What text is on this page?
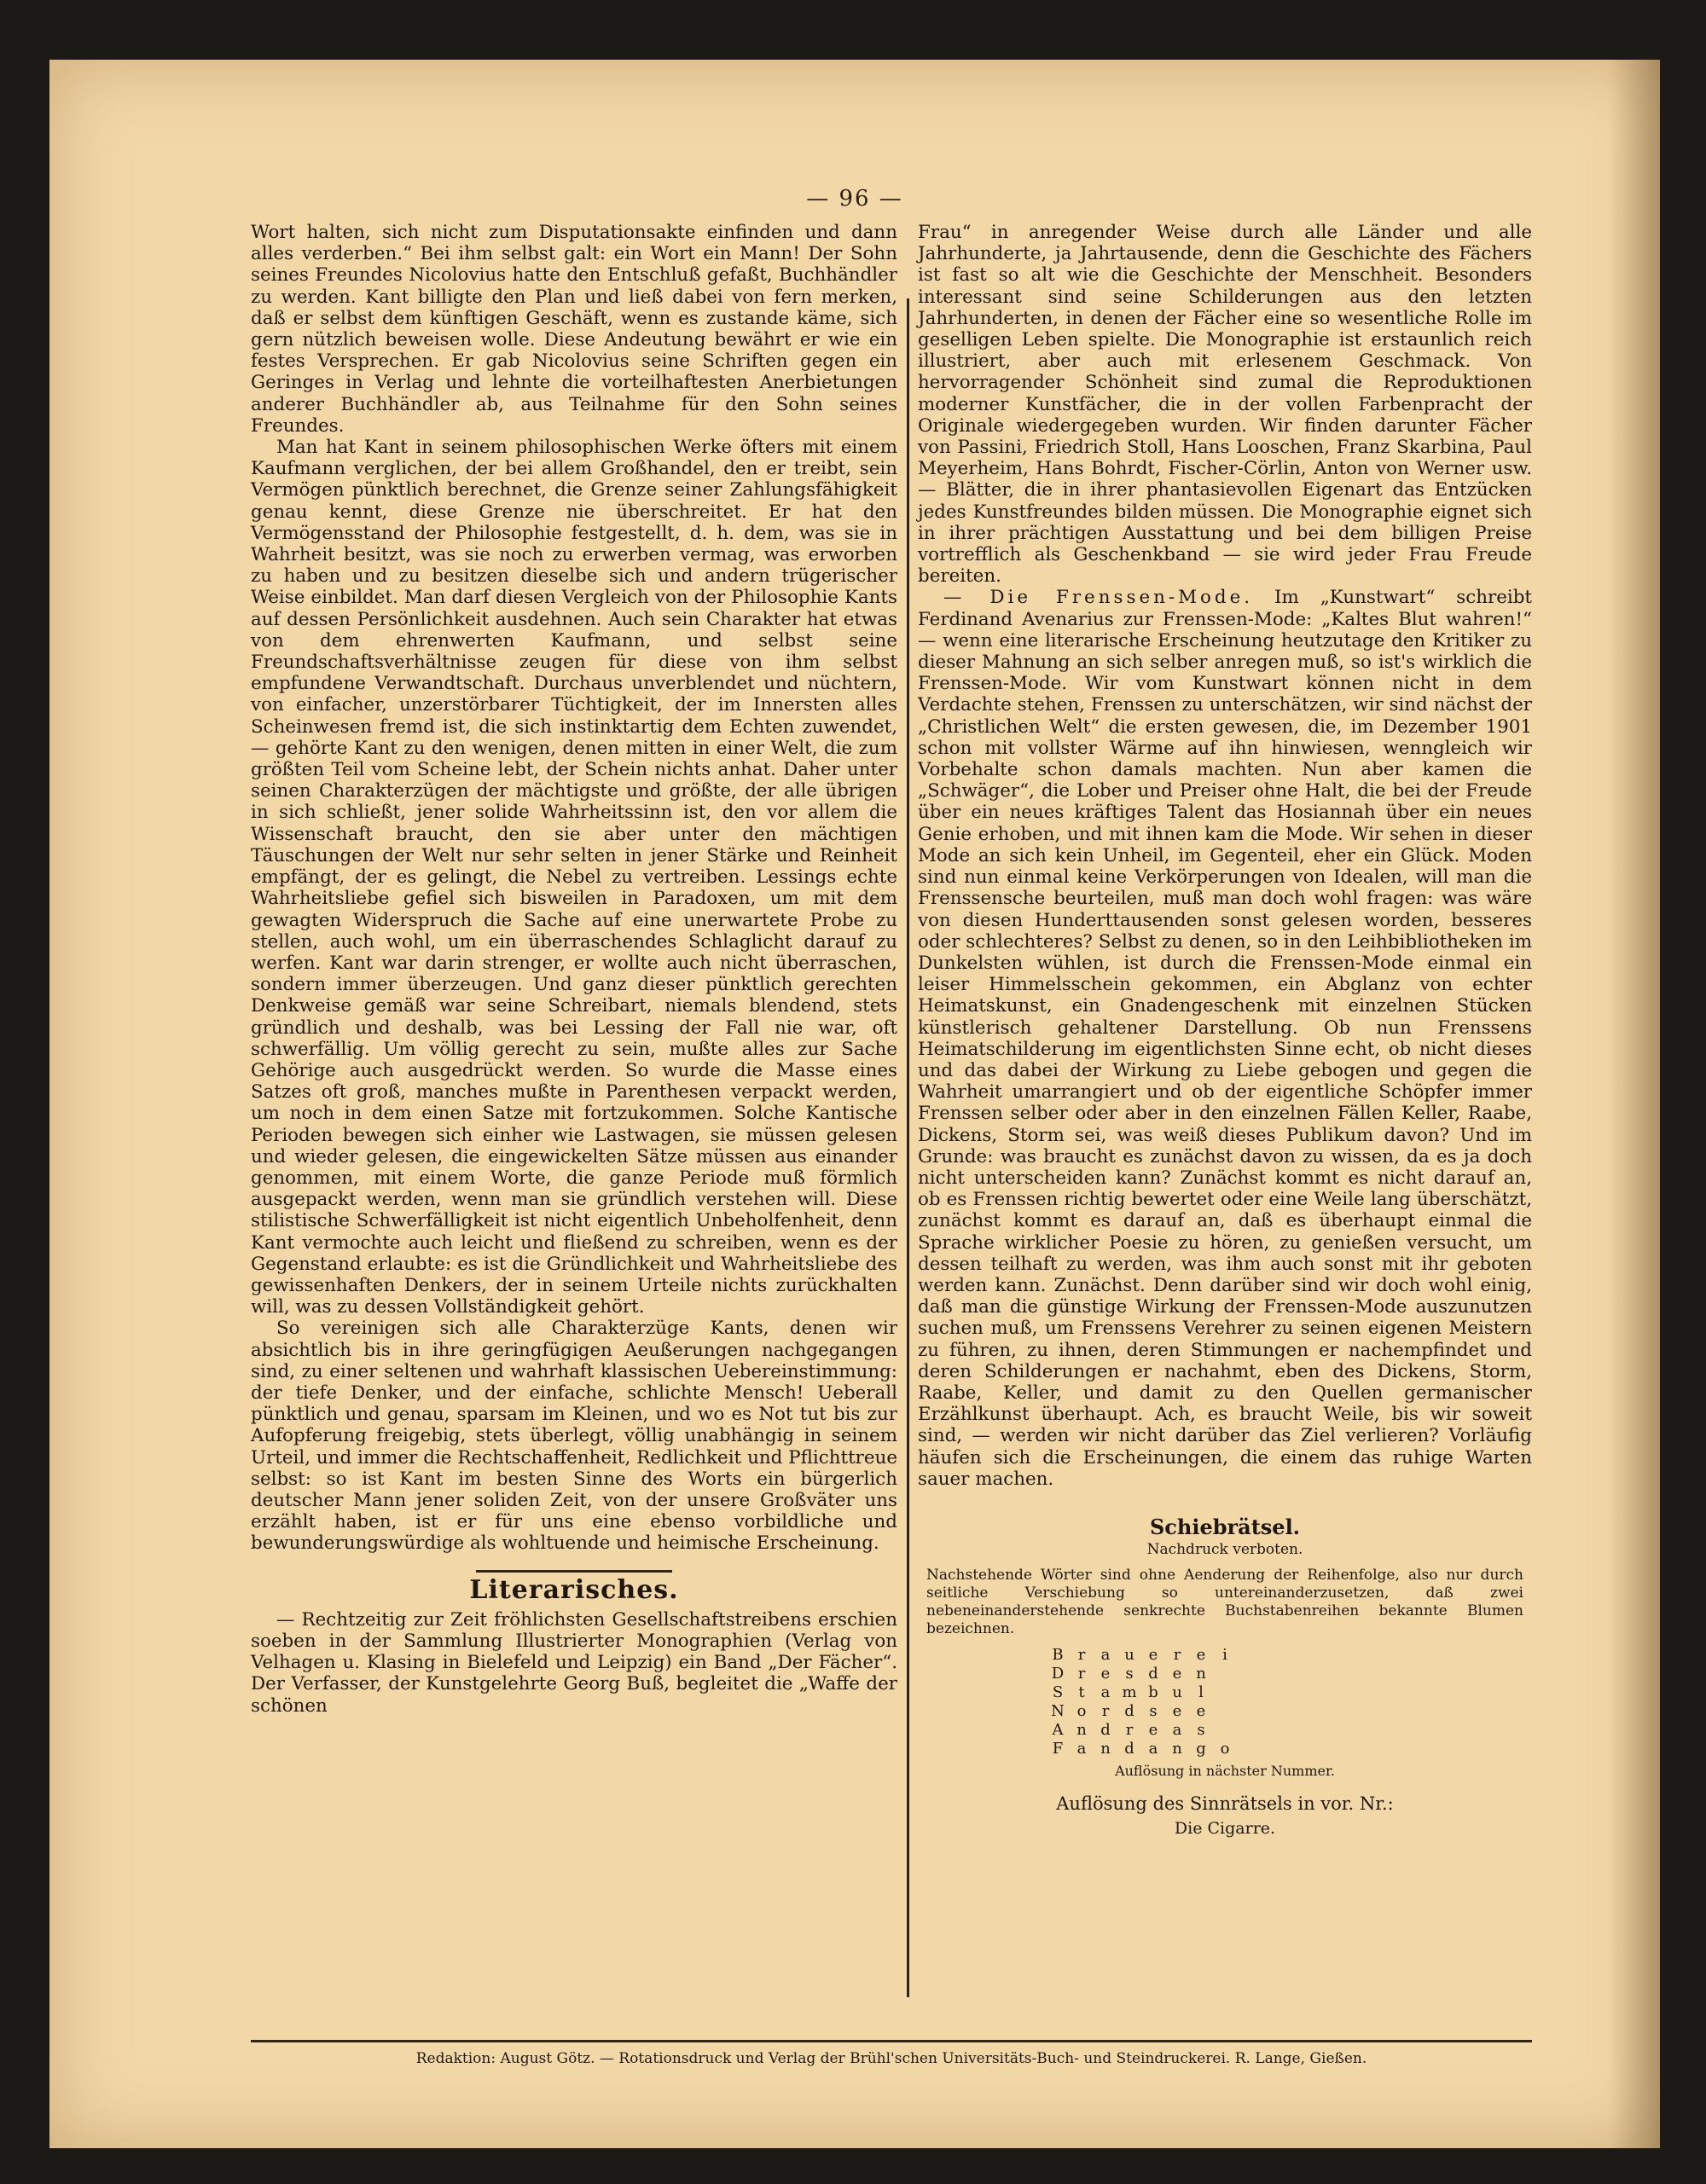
— 96 —

Wort halten, sich nicht zum Disputationsakte einfinden und dann alles verderben.“ Bei ihm selbst galt: ein Wort ein Mann! Der Sohn seines Freundes Nicolovius hatte den Entschluß gefaßt, Buchhändler zu werden. Kant billigte den Plan und ließ dabei von fern merken, daß er selbst dem künftigen Geschäft, wenn es zustande käme, sich gern nützlich beweisen wolle. Diese Andeutung bewährt er wie ein festes Versprechen. Er gab Nicolovius seine Schriften gegen ein Geringes in Verlag und lehnte die vorteilhaftesten Anerbietungen anderer Buchhändler ab, aus Teilnahme für den Sohn seines Freundes.

Man hat Kant in seinem philosophischen Werke öfters mit einem Kaufmann verglichen, der bei allem Großhandel, den er treibt, sein Vermögen pünktlich berechnet, die Grenze seiner Zahlungsfähigkeit genau kennt, diese Grenze nie überschreitet. Er hat den Vermögensstand der Philosophie festgestellt, d. h. dem, was sie in Wahrheit besitzt, was sie noch zu erwerben vermag, was erworben zu haben und zu besitzen dieselbe sich und andern trügerischer Weise einbildet. Man darf diesen Vergleich von der Philosophie Kants auf dessen Persönlichkeit ausdehnen. Auch sein Charakter hat etwas von dem ehrenwerten Kaufmann, und selbst seine Freundschaftsverhältnisse zeugen für diese von ihm selbst empfundene Verwandtschaft. Durchaus unverblendet und nüchtern, von einfacher, unzerstörbarer Tüchtigkeit, der im Innersten alles Scheinwesen fremd ist, die sich instinktartig dem Echten zuwendet, — gehörte Kant zu den wenigen, denen mitten in einer Welt, die zum größten Teil vom Scheine lebt, der Schein nichts anhat. Daher unter seinen Charakterzügen der mächtigste und größte, der alle übrigen in sich schließt, jener solide Wahrheitssinn ist, den vor allem die Wissenschaft braucht, den sie aber unter den mächtigen Täuschungen der Welt nur sehr selten in jener Stärke und Reinheit empfängt, der es gelingt, die Nebel zu vertreiben. Lessings echte Wahrheitsliebe gefiel sich bisweilen in Paradoxen, um mit dem gewagten Widerspruch die Sache auf eine unerwartete Probe zu stellen, auch wohl, um ein überraschendes Schlaglicht darauf zu werfen. Kant war darin strenger, er wollte auch nicht überraschen, sondern immer überzeugen. Und ganz dieser pünktlich gerechten Denkweise gemäß war seine Schreibart, niemals blendend, stets gründlich und deshalb, was bei Lessing der Fall nie war, oft schwerfällig. Um völlig gerecht zu sein, mußte alles zur Sache Gehörige auch ausgedrückt werden. So wurde die Masse eines Satzes oft groß, manches mußte in Parenthesen verpackt werden, um noch in dem einen Satze mit fortzukommen. Solche Kantische Perioden bewegen sich einher wie Lastwagen, sie müssen gelesen und wieder gelesen, die eingewickelten Sätze müssen aus einander genommen, mit einem Worte, die ganze Periode muß förmlich ausgepackt werden, wenn man sie gründlich verstehen will. Diese stilistische Schwerfälligkeit ist nicht eigentlich Unbeholfenheit, denn Kant vermochte auch leicht und fließend zu schreiben, wenn es der Gegenstand erlaubte: es ist die Gründlichkeit und Wahrheitsliebe des gewissenhaften Denkers, der in seinem Urteile nichts zurückhalten will, was zu dessen Vollständigkeit gehört.

So vereinigen sich alle Charakterzüge Kants, denen wir absichtlich bis in ihre geringfügigen Aeußerungen nachgegangen sind, zu einer seltenen und wahrhaft klassischen Uebereinstimmung: der tiefe Denker, und der einfache, schlichte Mensch! Ueberall pünktlich und genau, sparsam im Kleinen, und wo es Not tut bis zur Aufopferung freigebig, stets überlegt, völlig unabhängig in seinem Urteil, und immer die Rechtschaffenheit, Redlichkeit und Pflichttreue selbst: so ist Kant im besten Sinne des Worts ein bürgerlich deutscher Mann jener soliden Zeit, von der unsere Großväter uns erzählt haben, ist er für uns eine ebenso vorbildliche und bewunderungswürdige als wohltuende und heimische Erscheinung.

Literarisches.

— Rechtzeitig zur Zeit fröhlichsten Gesellschaftstreibens erschien soeben in der Sammlung Illustrierter Monographien (Verlag von Velhagen u. Klasing in Bielefeld und Leipzig) ein Band „Der Fächer“. Der Verfasser, der Kunstgelehrte Georg Buß, begleitet die „Waffe der schönen

Frau“ in anregender Weise durch alle Länder und alle Jahrhunderte, ja Jahrtausende, denn die Geschichte des Fächers ist fast so alt wie die Geschichte der Menschheit. Besonders interessant sind seine Schilderungen aus den letzten Jahrhunderten, in denen der Fächer eine so wesentliche Rolle im geselligen Leben spielte. Die Monographie ist erstaunlich reich illustriert, aber auch mit erlesenem Geschmack. Von hervorragender Schönheit sind zumal die Reproduktionen moderner Kunstfächer, die in der vollen Farbenpracht der Originale wiedergegeben wurden. Wir finden darunter Fächer von Passini, Friedrich Stoll, Hans Looschen, Franz Skarbina, Paul Meyerheim, Hans Bohrdt, Fischer-Cörlin, Anton von Werner usw. — Blätter, die in ihrer phantasievollen Eigenart das Entzücken jedes Kunstfreundes bilden müssen. Die Monographie eignet sich in ihrer prächtigen Ausstattung und bei dem billigen Preise vortrefflich als Geschenkband — sie wird jeder Frau Freude bereiten.

— Die Frenssen-Mode. Im „Kunstwart“ schreibt Ferdinand Avenarius zur Frenssen-Mode: „Kaltes Blut wahren!“ — wenn eine literarische Erscheinung heutzutage den Kritiker zu dieser Mahnung an sich selber anregen muß, so ist's wirklich die Frenssen-Mode. Wir vom Kunstwart können nicht in dem Verdachte stehen, Frenssen zu unterschätzen, wir sind nächst der „Christlichen Welt“ die ersten gewesen, die, im Dezember 1901 schon mit vollster Wärme auf ihn hinwiesen, wenngleich wir Vorbehalte schon damals machten. Nun aber kamen die „Schwäger“, die Lober und Preiser ohne Halt, die bei der Freude über ein neues kräftiges Talent das Hosiannah über ein neues Genie erhoben, und mit ihnen kam die Mode. Wir sehen in dieser Mode an sich kein Unheil, im Gegenteil, eher ein Glück. Moden sind nun einmal keine Verkörperungen von Idealen, will man die Frenssensche beurteilen, muß man doch wohl fragen: was wäre von diesen Hunderttausenden sonst gelesen worden, besseres oder schlechteres? Selbst zu denen, so in den Leihbibliotheken im Dunkelsten wühlen, ist durch die Frenssen-Mode einmal ein leiser Himmelsschein gekommen, ein Abglanz von echter Heimatskunst, ein Gnadengeschenk mit einzelnen Stücken künstlerisch gehaltener Darstellung. Ob nun Frenssens Heimatschilderung im eigentlichsten Sinne echt, ob nicht dieses und das dabei der Wirkung zu Liebe gebogen und gegen die Wahrheit umarrangiert und ob der eigentliche Schöpfer immer Frenssen selber oder aber in den einzelnen Fällen Keller, Raabe, Dickens, Storm sei, was weiß dieses Publikum davon? Und im Grunde: was braucht es zunächst davon zu wissen, da es ja doch nicht unterscheiden kann? Zunächst kommt es nicht darauf an, ob es Frenssen richtig bewertet oder eine Weile lang überschätzt, zunächst kommt es darauf an, daß es überhaupt einmal die Sprache wirklicher Poesie zu hören, zu genießen versucht, um dessen teilhaft zu werden, was ihm auch sonst mit ihr geboten werden kann. Zunächst. Denn darüber sind wir doch wohl einig, daß man die günstige Wirkung der Frenssen-Mode auszunutzen suchen muß, um Frenssens Verehrer zu seinen eigenen Meistern zu führen, zu ihnen, deren Stimmungen er nachempfindet und deren Schilderungen er nachahmt, eben des Dickens, Storm, Raabe, Keller, und damit zu den Quellen germanischer Erzählkunst überhaupt. Ach, es braucht Weile, bis wir soweit sind, — werden wir nicht darüber das Ziel verlieren? Vorläufig häufen sich die Erscheinungen, die einem das ruhige Warten sauer machen.

Schiebrätsel.
Nachdruck verboten.
Nachstehende Wörter sind ohne Aenderung der Reihenfolge, also nur durch seitliche Verschiebung so untereinanderzusetzen, daß zwei nebeneinanderstehende senkrechte Buchstabenreihen bekannte Blumen bezeichnen.
B r	a u e	r	e	i
D r	e	s d e n
S	t	a m b u	l
N o	r d s	e e
A n d r	e a	s
F a n d a n g o
Auflösung in nächster Nummer.
Auflösung des Sinnrätsels in vor. Nr.:
Die Cigarre.
Redaktion: August Götz. — Rotationsdruck und Verlag der Brühl'schen Universitäts-Buch- und Steindruckerei. R. Lange, Gießen.
